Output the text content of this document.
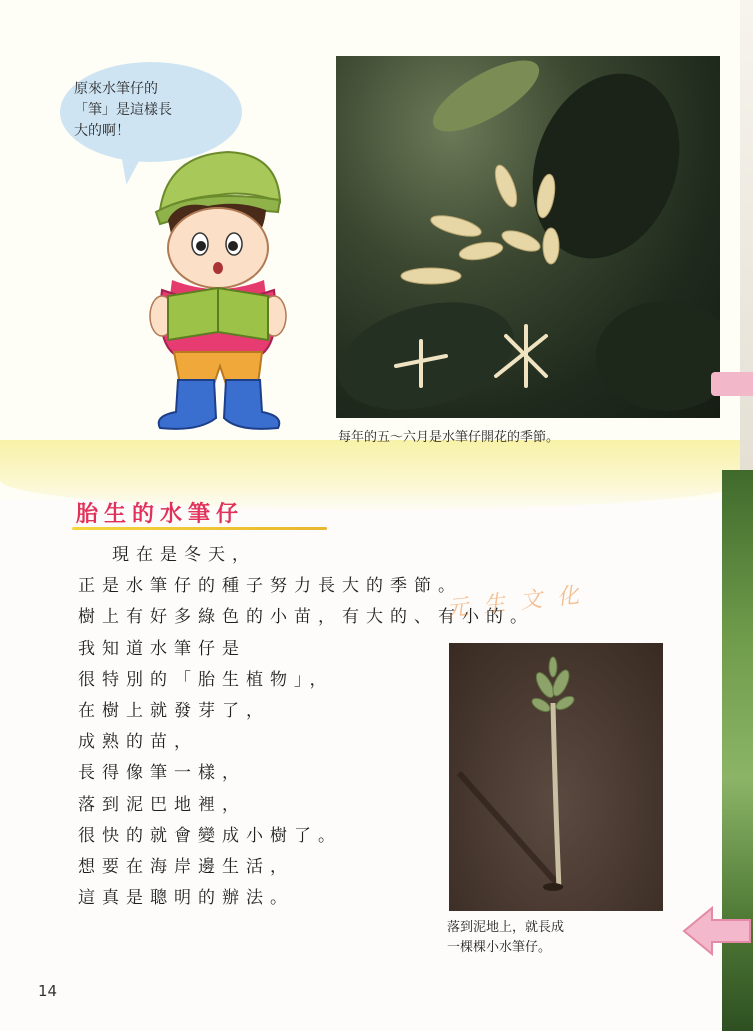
原來水筆仔的
「筆」是這樣長
大的啊！
每年的五～六月是水筆仔開花的季節。
胎生的水筆仔
現在是冬天，
正是水筆仔的種子努力長大的季節。
樹上有好多綠色的小苗，有大的、有小的。
我知道水筆仔是
很特別的「胎生植物」，
在樹上就發芽了，
成熟的苗，
長得像筆一樣，
落到泥巴地裡，
很快的就會變成小樹了。
想要在海岸邊生活，
這真是聰明的辦法。
元 生 文 化
落到泥地上，就長成
一棵棵小水筆仔。
14
